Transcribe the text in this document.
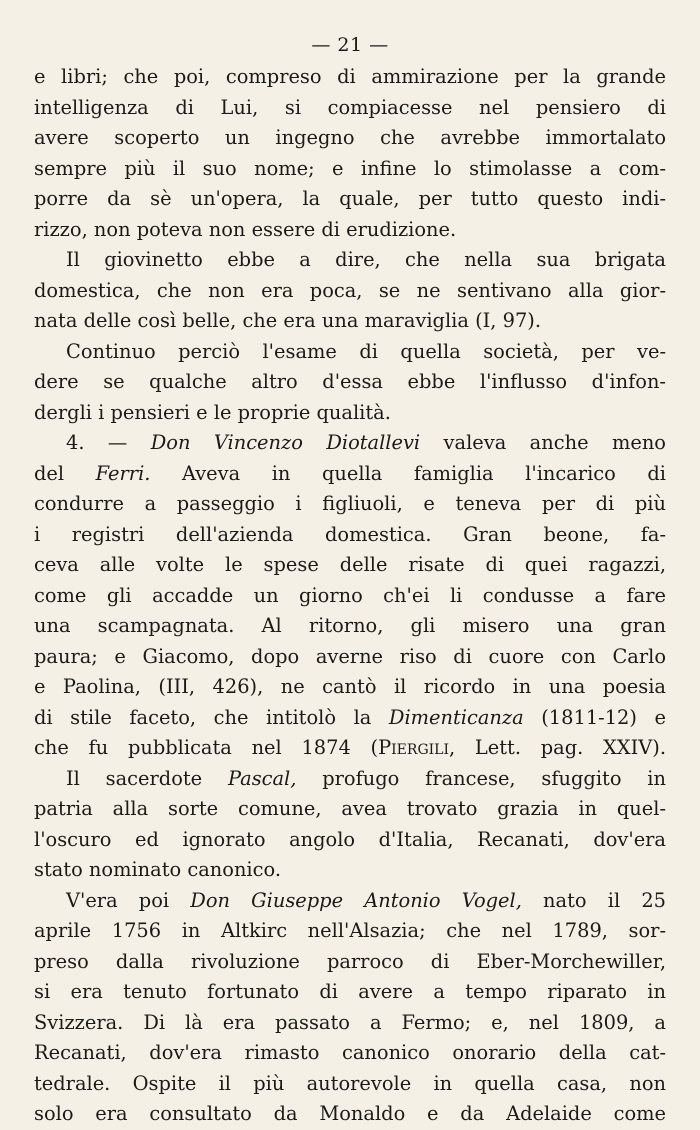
— 21 —
e libri; che poi, compreso di ammirazione per la grande
intelligenza di Lui, si compiacesse nel pensiero di
avere scoperto un ingegno che avrebbe immortalato
sempre più il suo nome; e infine lo stimolasse a com-
porre da sè un'opera, la quale, per tutto questo indi-
rizzo, non poteva non essere di erudizione.
Il giovinetto ebbe a dire, che nella sua brigata
domestica, che non era poca, se ne sentivano alla gior-
nata delle così belle, che era una maraviglia (I, 97).
Continuo perciò l'esame di quella società, per ve-
dere se qualche altro d'essa ebbe l'influsso d'infon-
dergli i pensieri e le proprie qualità.
4. — Don Vincenzo Diotallevi valeva anche meno
del Ferri. Aveva in quella famiglia l'incarico di
condurre a passeggio i figliuoli, e teneva per di più
i registri dell'azienda domestica. Gran beone, fa-
ceva alle volte le spese delle risate di quei ragazzi,
come gli accadde un giorno ch'ei li condusse a fare
una scampagnata. Al ritorno, gli misero una gran
paura; e Giacomo, dopo averne riso di cuore con Carlo
e Paolina, (III, 426), ne cantò il ricordo in una poesia
di stile faceto, che intitolò la Dimenticanza (1811-12) e
che fu pubblicata nel 1874 (Piergili, Lett. pag. XXIV).
Il sacerdote Pascal, profugo francese, sfuggito in
patria alla sorte comune, avea trovato grazia in quel-
l'oscuro ed ignorato angolo d'Italia, Recanati, dov'era
stato nominato canonico.
V'era poi Don Giuseppe Antonio Vogel, nato il 25
aprile 1756 in Altkirc nell'Alsazia; che nel 1789, sor-
preso dalla rivoluzione parroco di Eber-Morchewiller,
si era tenuto fortunato di avere a tempo riparato in
Svizzera. Di là era passato a Fermo; e, nel 1809, a
Recanati, dov'era rimasto canonico onorario della cat-
tedrale. Ospite il più autorevole in quella casa, non
solo era consultato da Monaldo e da Adelaide come
